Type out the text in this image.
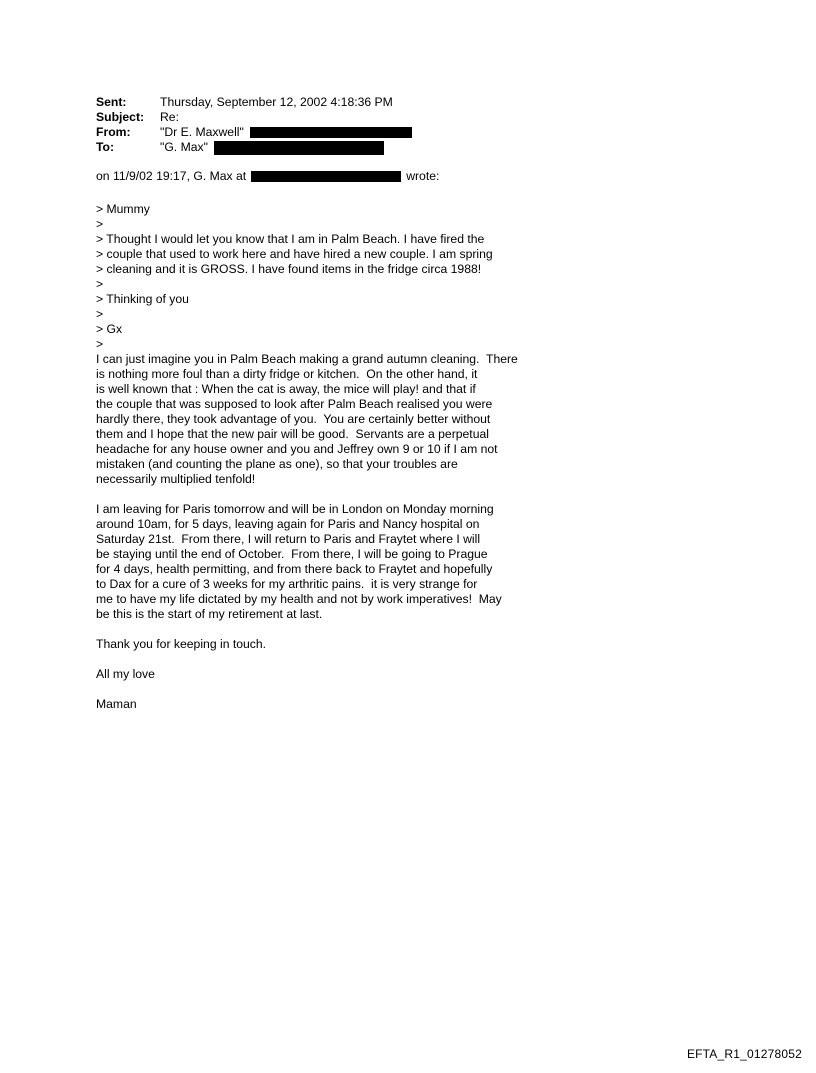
Sent:	Thursday, September 12, 2002 4:18:36 PM
Subject:	Re:
From:	"Dr E. Maxwell"
To:	"G. Max"
on 11/9/02 19:17, G. Max at	wrote:
> Mummy
>
> Thought I would let you know that I am in Palm Beach. I have fired the
> couple that used to work here and have hired a new couple. I am spring
> cleaning and it is GROSS. I have found items in the fridge circa 1988!
>
> Thinking of you
>
> Gx
>
I can just imagine you in Palm Beach making a grand autumn cleaning.  There
is nothing more foul than a dirty fridge or kitchen.  On the other hand, it
is well known that : When the cat is away, the mice will play! and that if
the couple that was supposed to look after Palm Beach realised you were
hardly there, they took advantage of you.  You are certainly better without
them and I hope that the new pair will be good.  Servants are a perpetual
headache for any house owner and you and Jeffrey own 9 or 10 if I am not
mistaken (and counting the plane as one), so that your troubles are
necessarily multiplied tenfold!
I am leaving for Paris tomorrow and will be in London on Monday morning
around 10am, for 5 days, leaving again for Paris and Nancy hospital on
Saturday 21st.  From there, I will return to Paris and Fraytet where I will
be staying until the end of October.  From there, I will be going to Prague
for 4 days, health permitting, and from there back to Fraytet and hopefully
to Dax for a cure of 3 weeks for my arthritic pains.  it is very strange for
me to have my life dictated by my health and not by work imperatives!  May
be this is the start of my retirement at last.
Thank you for keeping in touch.
All my love
Maman
EFTA_R1_01278052
